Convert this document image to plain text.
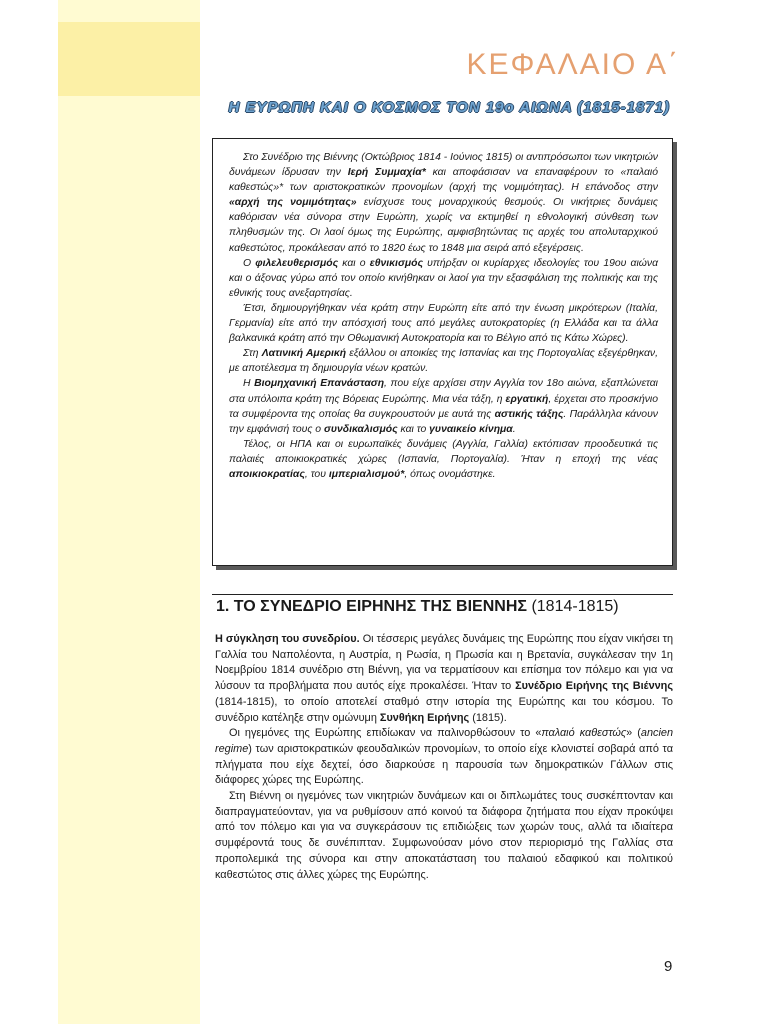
ΚΕΦΑΛΑΙΟ Α΄
Η ΕΥΡΩΠΗ ΚΑΙ Ο ΚΟΣΜΟΣ ΤΟΝ 19ο ΑΙΩΝΑ (1815-1871)

Στο Συνέδριο της Βιέννης (Οκτώβριος 1814 - Ιούνιος 1815) οι αντιπρόσωποι των νικητριών δυνάμεων ίδρυσαν την Ιερή Συμμαχία* και αποφάσισαν να επαναφέρουν το «παλαιό καθεστώς»* των αριστοκρατικών προνομίων (αρχή της νομιμότητας). Η επάνοδος στην «αρχή της νομιμότητας» ενίσχυσε τους μοναρχικούς θεσμούς. Οι νικήτριες δυνάμεις καθόρισαν νέα σύνορα στην Ευρώπη, χωρίς να εκτιμηθεί η εθνολογική σύνθεση των πληθυσμών της. Οι λαοί όμως της Ευρώπης, αμφισβητώντας τις αρχές του απολυταρχικού καθεστώτος, προκάλεσαν από το 1820 έως το 1848 μια σειρά από εξεγέρσεις.

Ο φιλελευθερισμός και ο εθνικισμός υπήρξαν οι κυρίαρχες ιδεολογίες του 19ου αιώνα και ο άξονας γύρω από τον οποίο κινήθηκαν οι λαοί για την εξασφάλιση της πολιτικής και της εθνικής τους ανεξαρτησίας.

Έτσι, δημιουργήθηκαν νέα κράτη στην Ευρώπη είτε από την ένωση μικρότερων (Ιταλία, Γερμανία) είτε από την απόσχισή τους από μεγάλες αυτοκρατορίες (η Ελλάδα και τα άλλα βαλκανικά κράτη από την Οθωμανική Αυτοκρατορία και το Βέλγιο από τις Κάτω Χώρες).

Στη Λατινική Αμερική εξάλλου οι αποικίες της Ισπανίας και της Πορτογαλίας εξεγέρθηκαν, με αποτέλεσμα τη δημιουργία νέων κρατών.

Η Βιομηχανική Επανάσταση, που είχε αρχίσει στην Αγγλία τον 18ο αιώνα, εξαπλώνεται στα υπόλοιπα κράτη της Βόρειας Ευρώπης. Μια νέα τάξη, η εργατική, έρχεται στο προσκήνιο τα συμφέροντα της οποίας θα συγκρουστούν με αυτά της αστικής τάξης. Παράλληλα κάνουν την εμφάνισή τους ο συνδικαλισμός και το γυναικείο κίνημα.

Τέλος, οι ΗΠΑ και οι ευρωπαϊκές δυνάμεις (Αγγλία, Γαλλία) εκτόπισαν προοδευτικά τις παλαιές αποικιοκρατικές χώρες (Ισπανία, Πορτογαλία). Ήταν η εποχή της νέας αποικιοκρατίας, του ιμπεριαλισμού*, όπως ονομάστηκε.

1. ΤΟ ΣΥΝΕΔΡΙΟ ΕΙΡΗΝΗΣ ΤΗΣ ΒΙΕΝΝΗΣ (1814-1815)

Η σύγκληση του συνεδρίου. Οι τέσσερις μεγάλες δυνάμεις της Ευρώπης που είχαν νικήσει τη Γαλλία του Ναπολέοντα, η Αυστρία, η Ρωσία, η Πρωσία και η Βρετανία, συγκάλεσαν την 1η Νοεμβρίου 1814 συνέδριο στη Βιέννη, για να τερματίσουν και επίσημα τον πόλεμο και για να λύσουν τα προβλήματα που αυτός είχε προκαλέσει. Ήταν το Συνέδριο Ειρήνης της Βιέννης (1814-1815), το οποίο αποτελεί σταθμό στην ιστορία της Ευρώπης και του κόσμου. Το συνέδριο κατέληξε στην ομώνυμη Συνθήκη Ειρήνης (1815).

Οι ηγεμόνες της Ευρώπης επιδίωκαν να παλινορθώσουν το «παλαιό καθεστώς» (ancien regime) των αριστοκρατικών φεουδαλικών προνομίων, το οποίο είχε κλονιστεί σοβαρά από τα πλήγματα που είχε δεχτεί, όσο διαρκούσε η παρουσία των δημοκρατικών Γάλλων στις διάφορες χώρες της Ευρώπης.

Στη Βιέννη οι ηγεμόνες των νικητριών δυνάμεων και οι διπλωμάτες τους συσκέπτονταν και διαπραγματεύονταν, για να ρυθμίσουν από κοινού τα διάφορα ζητήματα που είχαν προκύψει από τον πόλεμο και για να συγκεράσουν τις επιδιώξεις των χωρών τους, αλλά τα ιδιαίτερα συμφέροντά τους δε συνέπιπταν. Συμφωνούσαν μόνο στον περιορισμό της Γαλλίας στα προπολεμικά της σύνορα και στην αποκατάσταση του παλαιού εδαφικού και πολιτικού καθεστώτος στις άλλες χώρες της Ευρώπης.

9
